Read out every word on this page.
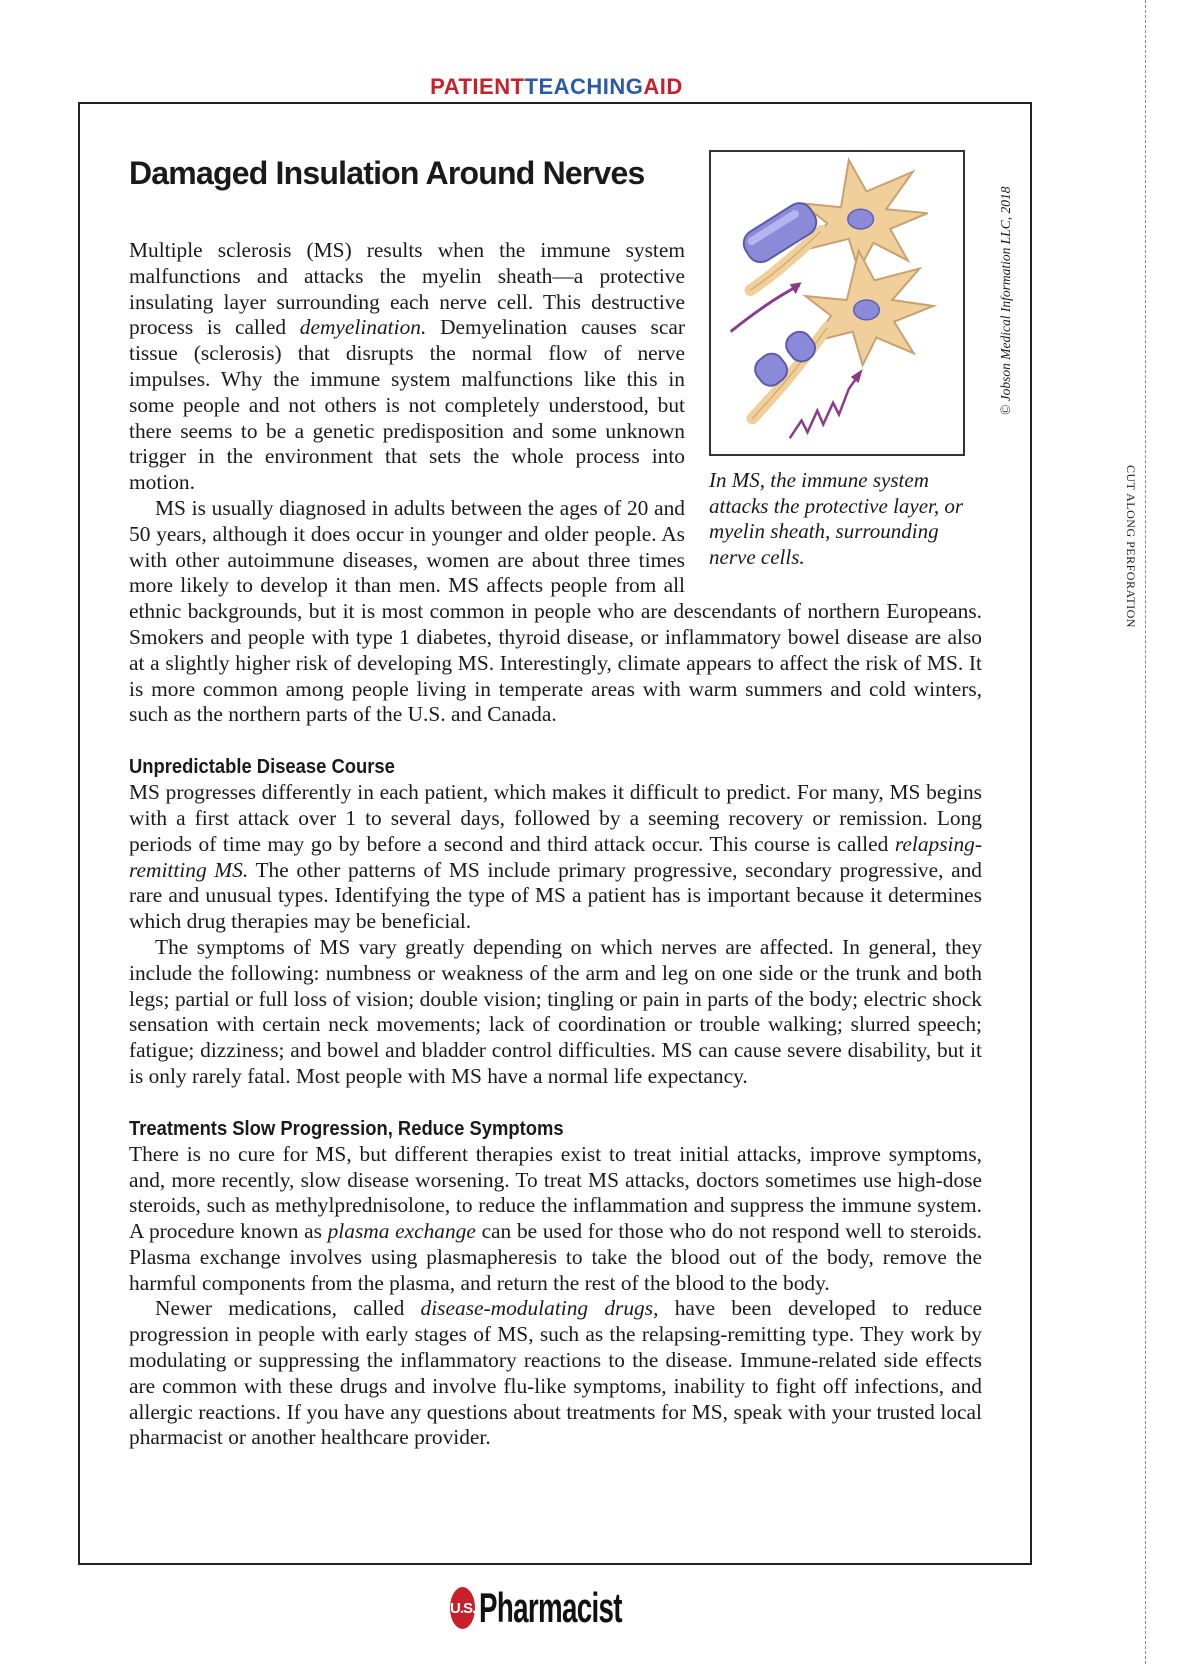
PATIENTTEACHINGAID
© Jobson Medical Information LLC, 2018
Damaged Insulation Around Nerves
In MS, the immune system attacks the protective layer, or myelin sheath, surrounding nerve cells.

Multiple sclerosis (MS) results when the immune system malfunctions and attacks the myelin sheath—a protective insulating layer surrounding each nerve cell. This destructive process is called demyelination. Demyelination causes scar tissue (sclerosis) that disrupts the normal flow of nerve impulses. Why the immune system malfunctions like this in some people and not others is not completely understood, but there seems to be a genetic predisposition and some unknown trigger in the environment that sets the whole process into motion.

MS is usually diagnosed in adults between the ages of 20 and 50 years, although it does occur in younger and older people. As with other autoimmune diseases, women are about three times more likely to develop it than men. MS affects people from all ethnic backgrounds, but it is most common in people who are descendants of northern Europeans. Smokers and people with type 1 diabetes, thyroid disease, or inflammatory bowel disease are also at a slightly higher risk of developing MS. Interestingly, climate appears to affect the risk of MS. It is more common among people living in temperate areas with warm summers and cold winters, such as the northern parts of the U.S. and Canada.

Unpredictable Disease Course

MS progresses differently in each patient, which makes it difficult to predict. For many, MS begins with a first attack over 1 to several days, followed by a seeming recovery or remission. Long periods of time may go by before a second and third attack occur. This course is called relapsing-remitting MS. The other patterns of MS include primary progressive, secondary progressive, and rare and unusual types. Identifying the type of MS a patient has is important because it determines which drug therapies may be beneficial.

The symptoms of MS vary greatly depending on which nerves are affected. In general, they include the following: numbness or weakness of the arm and leg on one side or the trunk and both legs; partial or full loss of vision; double vision; tingling or pain in parts of the body; electric shock sensation with certain neck movements; lack of coordination or trouble walking; slurred speech; fatigue; dizziness; and bowel and bladder control difficulties. MS can cause severe disability, but it is only rarely fatal. Most people with MS have a normal life expectancy.

Treatments Slow Progression, Reduce Symptoms

There is no cure for MS, but different therapies exist to treat initial attacks, improve symptoms, and, more recently, slow disease worsening. To treat MS attacks, doctors sometimes use high-dose steroids, such as methylprednisolone, to reduce the inflammation and suppress the immune system. A procedure known as plasma exchange can be used for those who do not respond well to steroids. Plasma exchange involves using plasmapheresis to take the blood out of the body, remove the harmful components from the plasma, and return the rest of the blood to the body.

Newer medications, called disease-modulating drugs, have been developed to reduce progression in people with early stages of MS, such as the relapsing-remitting type. They work by modulating or suppressing the inflammatory reactions to the disease. Immune-related side effects are common with these drugs and involve flu-like symptoms, inability to fight off infections, and allergic reactions. If you have any questions about treatments for MS, speak with your trusted local pharmacist or another healthcare provider.

CUT ALONG PERFORATION
U.S. Pharmacist
